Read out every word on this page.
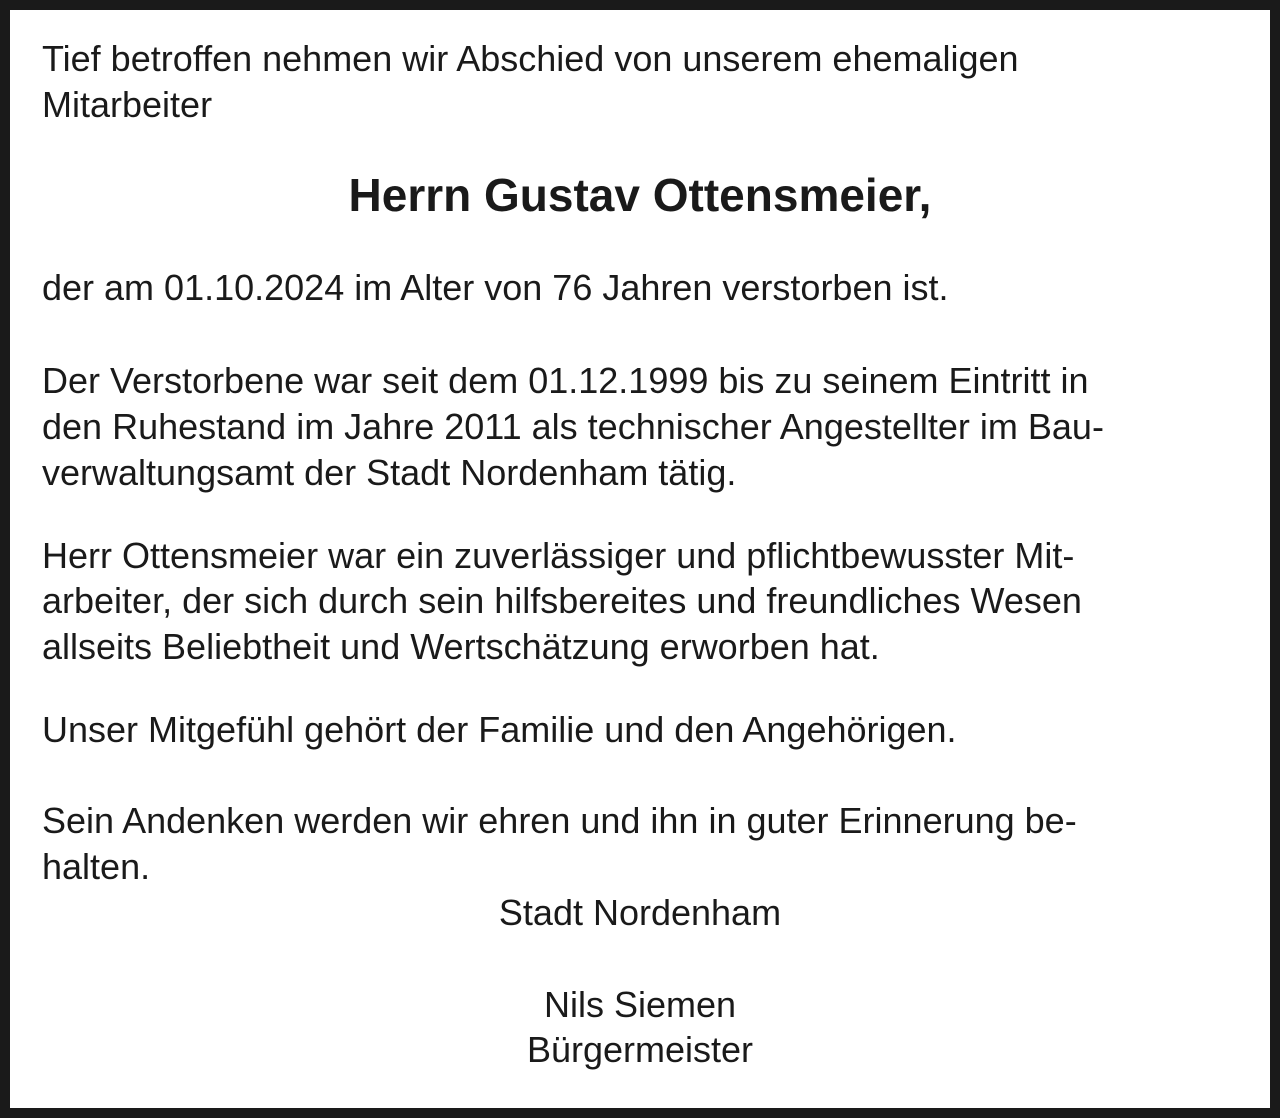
Tief betroffen nehmen wir Abschied von unserem ehemaligen
Mitarbeiter
Herrn Gustav Ottensmeier,
der am 01.10.2024 im Alter von 76 Jahren verstorben ist.
Der Verstorbene war seit dem 01.12.1999 bis zu seinem Eintritt in
den Ruhestand im Jahre 2011 als technischer Angestellter im Bau-
verwaltungsamt der Stadt Nordenham tätig.
Herr Ottensmeier war ein zuverlässiger und pflichtbewusster Mit-
arbeiter, der sich durch sein hilfsbereites und freundliches Wesen
allseits Beliebtheit und Wertschätzung erworben hat.
Unser Mitgefühl gehört der Familie und den Angehörigen.
Sein Andenken werden wir ehren und ihn in guter Erinnerung be-
halten.
Stadt Nordenham
Nils Siemen
Bürgermeister
